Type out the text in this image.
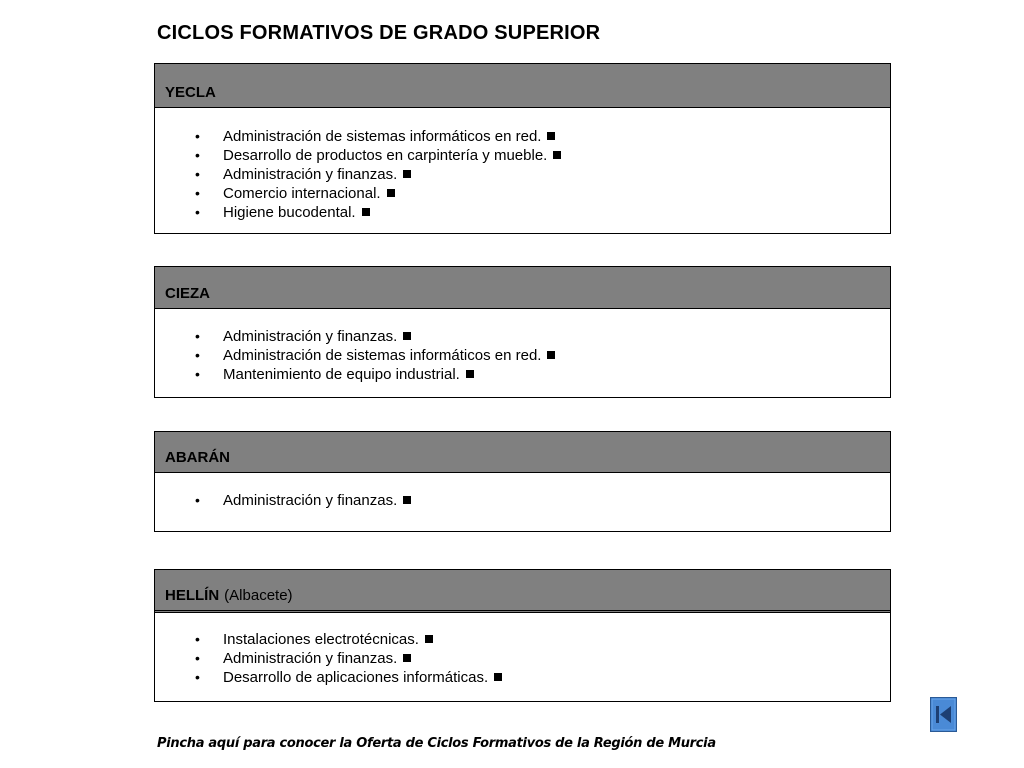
CICLOS FORMATIVOS DE GRADO SUPERIOR
YECLA
• Administración de sistemas informáticos en red.
• Desarrollo de productos en carpintería y mueble.
• Administración y finanzas.
• Comercio internacional.
• Higiene bucodental.
CIEZA
• Administración y finanzas.
• Administración de sistemas informáticos en red.
• Mantenimiento de equipo industrial.
ABARÁN
• Administración y finanzas.
HELLÍN (Albacete)
• Instalaciones electrotécnicas.
• Administración y finanzas.
• Desarrollo de aplicaciones informáticas.
Pincha aquí para conocer la Oferta de Ciclos Formativos de la Región de Murcia
